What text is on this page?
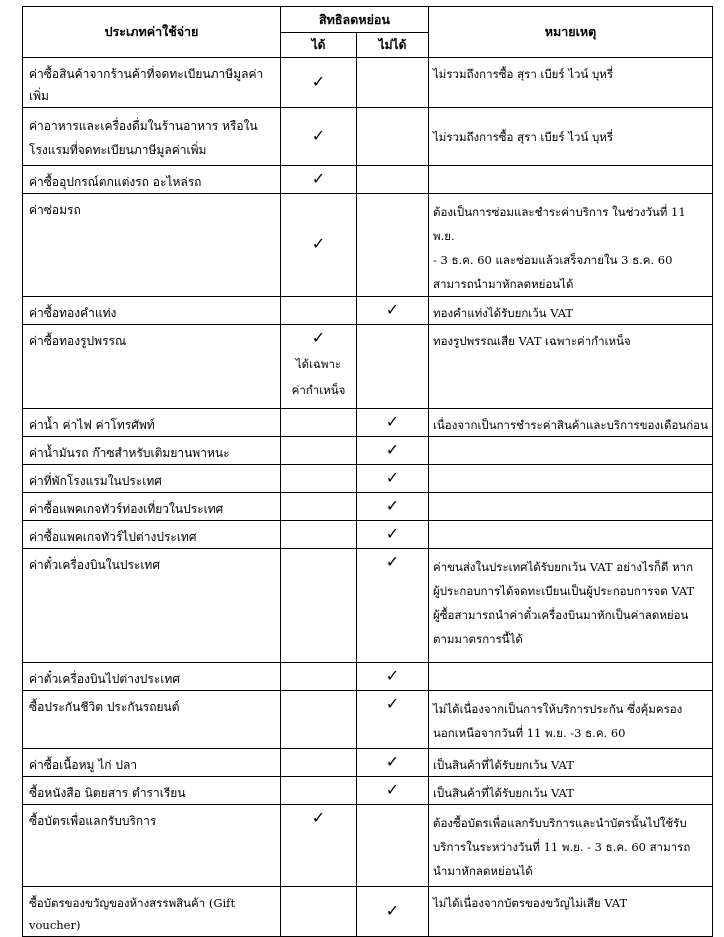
ประเภทค่าใช้จ่าย	สิทธิลดหย่อน		หมายเหตุ
	ได้	ไม่ได้	
ค่าซื้อสินค้าจากร้านค้าที่จดทะเบียนภาษีมูลค่าเพิ่ม	✓		ไม่รวมถึงการซื้อ สุรา เบียร์ ไวน์ บุหรี่
ค่าอาหารและเครื่องดื่มในร้านอาหาร หรือใน
โรงแรมที่จดทะเบียนภาษีมูลค่าเพิ่ม	✓		ไม่รวมถึงการซื้อ สุรา เบียร์ ไวน์ บุหรี่
ค่าซื้ออุปกรณ์ตกแต่งรถ อะไหล่รถ	✓		
ค่าซ่อมรถ	✓		ต้องเป็นการซ่อมและชำระค่าบริการ ในช่วงวันที่ 11 พ.ย.
- 3 ธ.ค. 60 และซ่อมแล้วเสร็จภายใน 3 ธ.ค. 60
สามารถนำมาหักลดหย่อนได้
ค่าซื้อทองคำแท่ง		✓	ทองคำแท่งได้รับยกเว้น VAT
ค่าซื้อทองรูปพรรณ	✓
ได้เฉพาะ
ค่ากำเหน็จ		ทองรูปพรรณเสีย VAT เฉพาะค่ากำเหน็จ
ค่าน้ำ ค่าไฟ ค่าโทรศัพท์		✓	เนื่องจากเป็นการชำระค่าสินค้าและบริการของเดือนก่อน
ค่าน้ำมันรถ ก๊าซสำหรับเติมยานพาหนะ		✓	
ค่าที่พักโรงแรมในประเทศ		✓	
ค่าซื้อแพคเกจทัวร์ท่องเที่ยวในประเทศ		✓	
ค่าซื้อแพคเกจทัวร์ไปต่างประเทศ		✓	
ค่าตั๋วเครื่องบินในประเทศ		✓	ค่าขนส่งในประเทศได้รับยกเว้น VAT อย่างไรก็ดี หาก
ผู้ประกอบการได้จดทะเบียนเป็นผู้ประกอบการจด VAT
ผู้ซื้อสามารถนำค่าตั๋วเครื่องบินมาหักเป็นค่าลดหย่อน
ตามมาตรการนี้ได้
ค่าตั๋วเครื่องบินไปต่างประเทศ		✓	
ซื้อประกันชีวิต ประกันรถยนต์		✓	ไม่ได้เนื่องจากเป็นการให้บริการประกัน ซึ่งคุ้มครอง
นอกเหนือจากวันที่ 11 พ.ย. -3 ธ.ค. 60
ค่าซื้อเนื้อหมู ไก่ ปลา		✓	เป็นสินค้าที่ได้รับยกเว้น VAT
ซื้อหนังสือ นิตยสาร ตำราเรียน		✓	เป็นสินค้าที่ได้รับยกเว้น VAT
ซื้อบัตรเพื่อแลกรับบริการ	✓		ต้องซื้อบัตรเพื่อแลกรับบริการและนำบัตรนั้นไปใช้รับ
บริการในระหว่างวันที่ 11 พ.ย. - 3 ธ.ค. 60 สามารถ
นำมาหักลดหย่อนได้
ซื้อบัตรของขวัญของห้างสรรพสินค้า (Gift voucher)		✓	ไม่ได้เนื่องจากบัตรของขวัญไม่เสีย VAT
